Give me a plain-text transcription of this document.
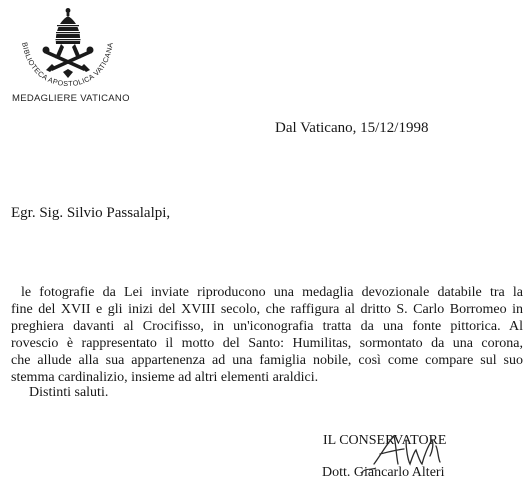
BIBLIOTECA APOSTOLICA VATICANA
MEDAGLIERE VATICANO
Dal Vaticano, 15/12/1998
Egr. Sig. Silvio Passalalpi,
le fotografie da Lei inviate riproducono una medaglia devozionale databile tra la
fine del XVII e gli inizi del XVIII secolo, che raffigura al dritto S. Carlo Borromeo in
preghiera davanti al Crocifisso, in un'iconografia tratta da una fonte pittorica. Al
rovescio è rappresentato il motto del Santo: Humilitas, sormontato da una corona,
che allude alla sua appartenenza ad una famiglia nobile, così come compare sul suo
stemma cardinalizio, insieme ad altri elementi araldici.
Distinti saluti.
IL CONSERVATORE
Dott. Giancarlo Alteri
